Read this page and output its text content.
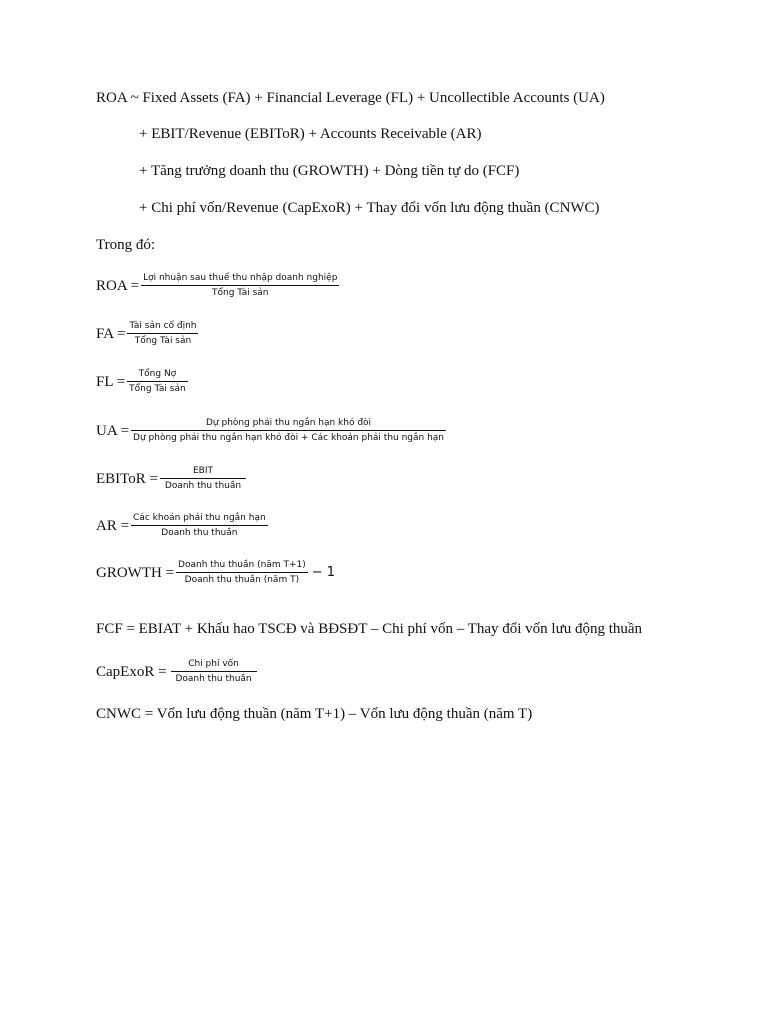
ROA ~ Fixed Assets (FA) + Financial Leverage (FL) + Uncollectible Accounts (UA)
+ EBIT/Revenue (EBIToR) + Accounts Receivable (AR)
+ Tăng trưởng doanh thu (GROWTH) + Dòng tiền tự do (FCF)
+ Chi phí vốn/Revenue (CapExoR) + Thay đổi vốn lưu động thuần (CNWC)
Trong đó:
ROA = $\frac{\text{Lợi nhuận sau thuế thu nhập doanh nghiệp}}{\text{Tổng Tài sản}}$
FA = $\frac{\text{Tài sản cố định}}{\text{Tổng Tài sản}}$
FL = $\frac{\text{Tổng Nợ}}{\text{Tổng Tài sản}}$
UA =	Dự phòng phải thu ngắn hạn khó đòi
Dự phòng phải thu ngắn hạn khó đòi + Các khoản phải thu ngắn hạn
EBIToR = $\frac{\text{EBIT}}{\text{Doanh thu thuần}}$
AR = $\frac{\text{Các khoản phải thu ngắn hạn}}{\text{Doanh thu thuần}}$
GROWTH = $\frac{\text{Doanh thu thuần (năm T+1)}}{\text{Doanh thu thuần (năm T)}} - 1$
FCF = EBIAT + Khấu hao TSCĐ và BĐSĐT – Chi phí vốn – Thay đổi vốn lưu động thuần
CapExoR = $\frac{\text{Chi phí vốn}}{\text{Doanh thu thuần}}$
CNWC = Vốn lưu động thuần (năm T+1) – Vốn lưu động thuần (năm T)
